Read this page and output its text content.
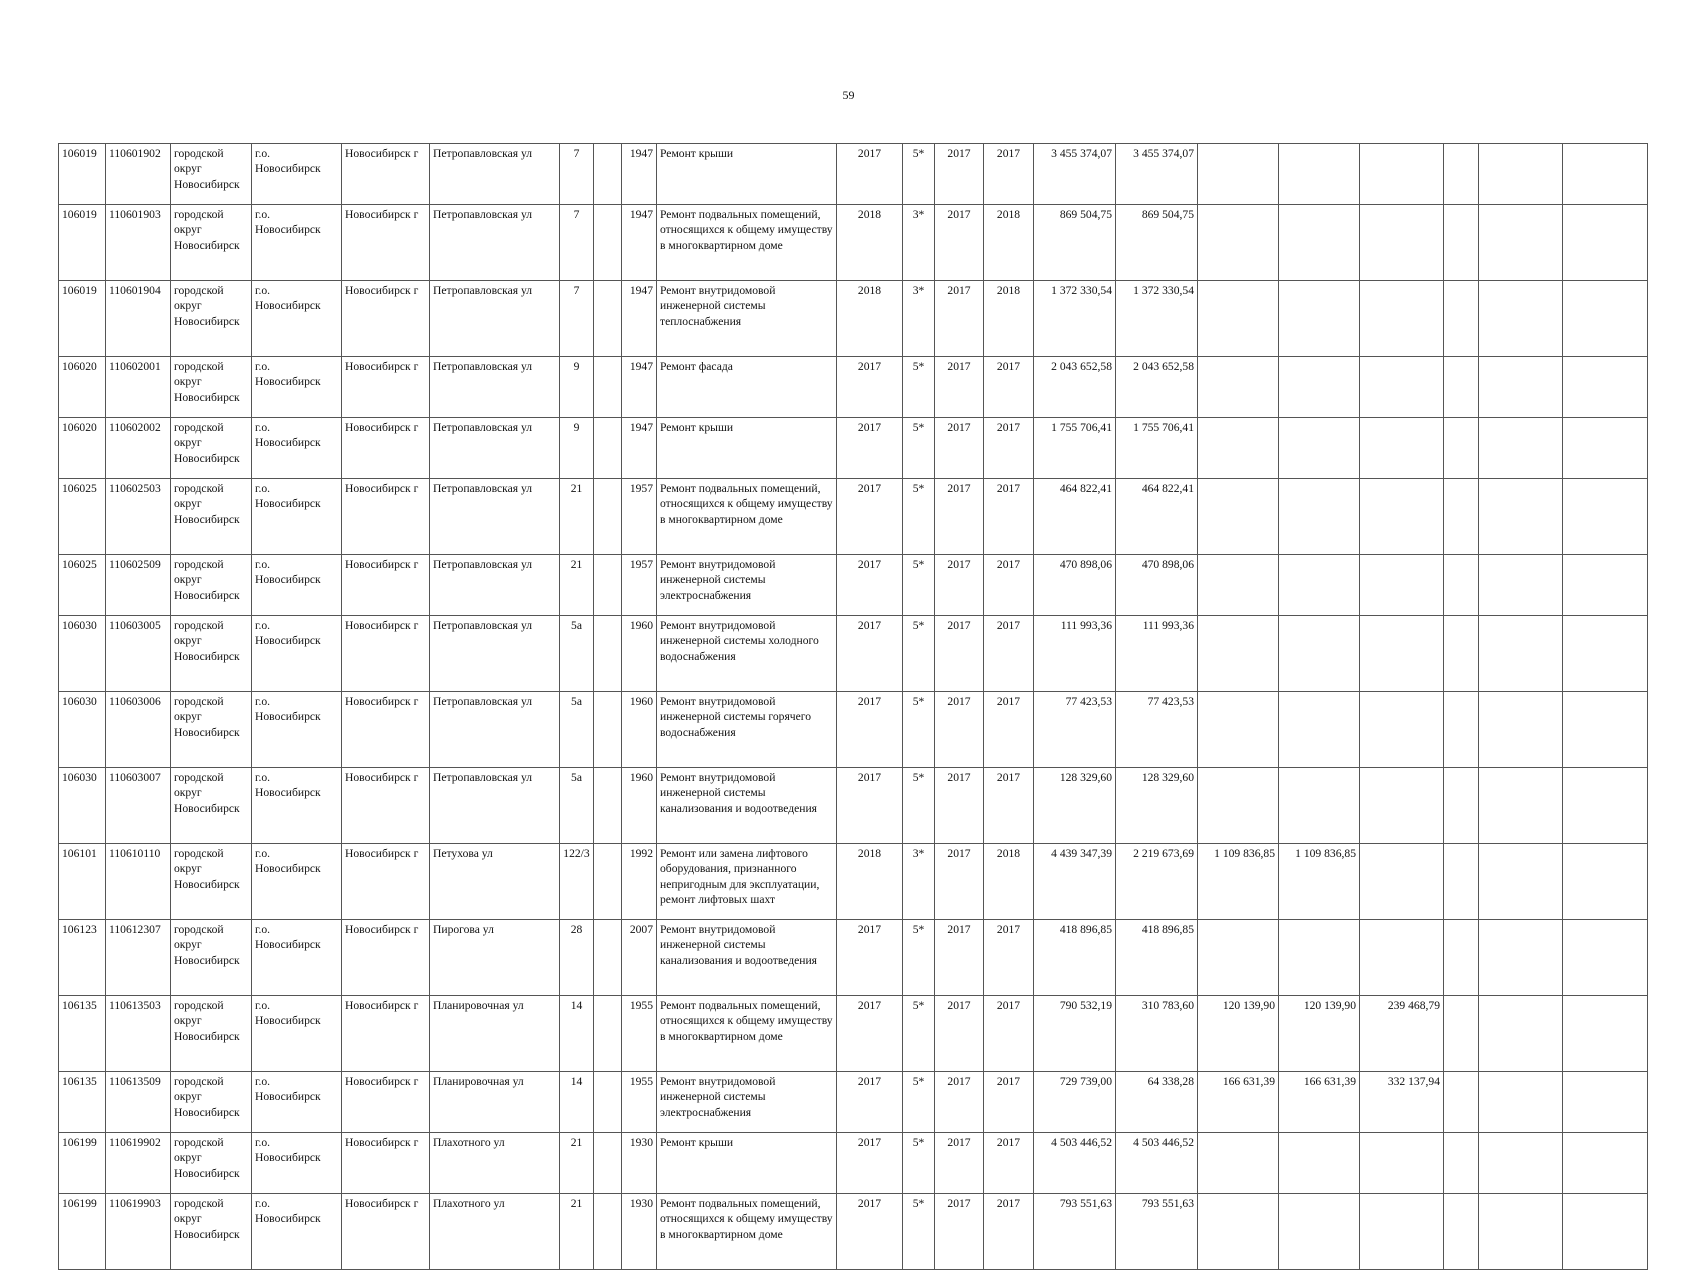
59
106019	110601902	городской округ Новосибирск	г.о. Новосибирск	Новосибирск г	Петропавловская ул	7		1947	Ремонт крыши	2017	5*	2017	2017	3 455 374,07	3 455 374,07						
106019	110601903	городской округ Новосибирск	г.о. Новосибирск	Новосибирск г	Петропавловская ул	7		1947	Ремонт подвальных помещений, относящихся к общему имуществу в многоквартирном доме	2018	3*	2017	2018	869 504,75	869 504,75						
106019	110601904	городской округ Новосибирск	г.о. Новосибирск	Новосибирск г	Петропавловская ул	7		1947	Ремонт внутридомовой инженерной системы теплоснабжения	2018	3*	2017	2018	1 372 330,54	1 372 330,54						
106020	110602001	городской округ Новосибирск	г.о. Новосибирск	Новосибирск г	Петропавловская ул	9		1947	Ремонт фасада	2017	5*	2017	2017	2 043 652,58	2 043 652,58						
106020	110602002	городской округ Новосибирск	г.о. Новосибирск	Новосибирск г	Петропавловская ул	9		1947	Ремонт крыши	2017	5*	2017	2017	1 755 706,41	1 755 706,41						
106025	110602503	городской округ Новосибирск	г.о. Новосибирск	Новосибирск г	Петропавловская ул	21		1957	Ремонт подвальных помещений, относящихся к общему имуществу в многоквартирном доме	2017	5*	2017	2017	464 822,41	464 822,41						
106025	110602509	городской округ Новосибирск	г.о. Новосибирск	Новосибирск г	Петропавловская ул	21		1957	Ремонт внутридомовой инженерной системы электроснабжения	2017	5*	2017	2017	470 898,06	470 898,06						
106030	110603005	городской округ Новосибирск	г.о. Новосибирск	Новосибирск г	Петропавловская ул	5а		1960	Ремонт внутридомовой инженерной системы холодного водоснабжения	2017	5*	2017	2017	111 993,36	111 993,36						
106030	110603006	городской округ Новосибирск	г.о. Новосибирск	Новосибирск г	Петропавловская ул	5а		1960	Ремонт внутридомовой инженерной системы горячего водоснабжения	2017	5*	2017	2017	77 423,53	77 423,53						
106030	110603007	городской округ Новосибирск	г.о. Новосибирск	Новосибирск г	Петропавловская ул	5а		1960	Ремонт внутридомовой инженерной системы канализования и водоотведения	2017	5*	2017	2017	128 329,60	128 329,60						
106101	110610110	городской округ Новосибирск	г.о. Новосибирск	Новосибирск г	Петухова ул	122/3		1992	Ремонт или замена лифтового оборудования, признанного непригодным для эксплуатации, ремонт лифтовых шахт	2018	3*	2017	2018	4 439 347,39	2 219 673,69	1 109 836,85	1 109 836,85				
106123	110612307	городской округ Новосибирск	г.о. Новосибирск	Новосибирск г	Пирогова ул	28		2007	Ремонт внутридомовой инженерной системы канализования и водоотведения	2017	5*	2017	2017	418 896,85	418 896,85						
106135	110613503	городской округ Новосибирск	г.о. Новосибирск	Новосибирск г	Планировочная ул	14		1955	Ремонт подвальных помещений, относящихся к общему имуществу в многоквартирном доме	2017	5*	2017	2017	790 532,19	310 783,60	120 139,90	120 139,90	239 468,79			
106135	110613509	городской округ Новосибирск	г.о. Новосибирск	Новосибирск г	Планировочная ул	14		1955	Ремонт внутридомовой инженерной системы электроснабжения	2017	5*	2017	2017	729 739,00	64 338,28	166 631,39	166 631,39	332 137,94			
106199	110619902	городской округ Новосибирск	г.о. Новосибирск	Новосибирск г	Плахотного ул	21		1930	Ремонт крыши	2017	5*	2017	2017	4 503 446,52	4 503 446,52						
106199	110619903	городской округ Новосибирск	г.о. Новосибирск	Новосибирск г	Плахотного ул	21		1930	Ремонт подвальных помещений, относящихся к общему имуществу в многоквартирном доме	2017	5*	2017	2017	793 551,63	793 551,63						
